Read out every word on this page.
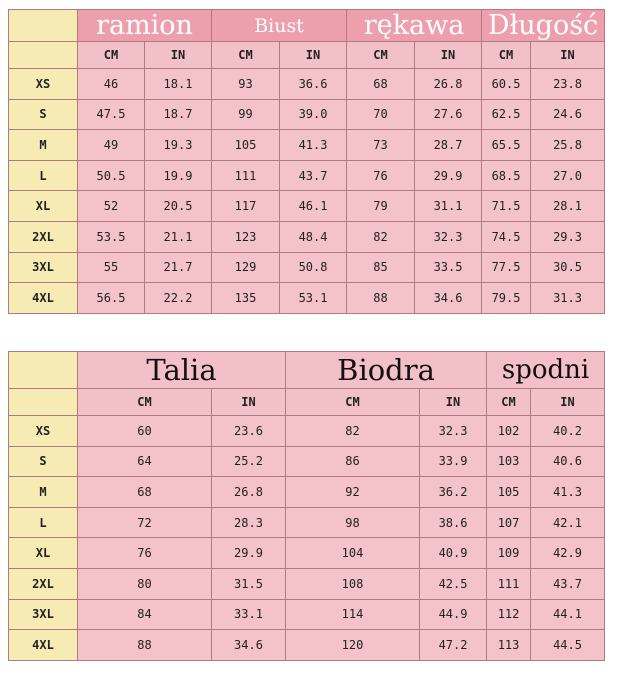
	ramion		Biust		rękawa		Długość	
	CM	IN	CM	IN	CM	IN	CM	IN
XS	46	18.1	93	36.6	68	26.8	60.5	23.8
S	47.5	18.7	99	39.0	70	27.6	62.5	24.6
M	49	19.3	105	41.3	73	28.7	65.5	25.8
L	50.5	19.9	111	43.7	76	29.9	68.5	27.0
XL	52	20.5	117	46.1	79	31.1	71.5	28.1
2XL	53.5	21.1	123	48.4	82	32.3	74.5	29.3
3XL	55	21.7	129	50.8	85	33.5	77.5	30.5
4XL	56.5	22.2	135	53.1	88	34.6	79.5	31.3
	Talia		Biodra		spodni	
	CM	IN	CM	IN	CM	IN
XS	60	23.6	82	32.3	102	40.2
S	64	25.2	86	33.9	103	40.6
M	68	26.8	92	36.2	105	41.3
L	72	28.3	98	38.6	107	42.1
XL	76	29.9	104	40.9	109	42.9
2XL	80	31.5	108	42.5	111	43.7
3XL	84	33.1	114	44.9	112	44.1
4XL	88	34.6	120	47.2	113	44.5
